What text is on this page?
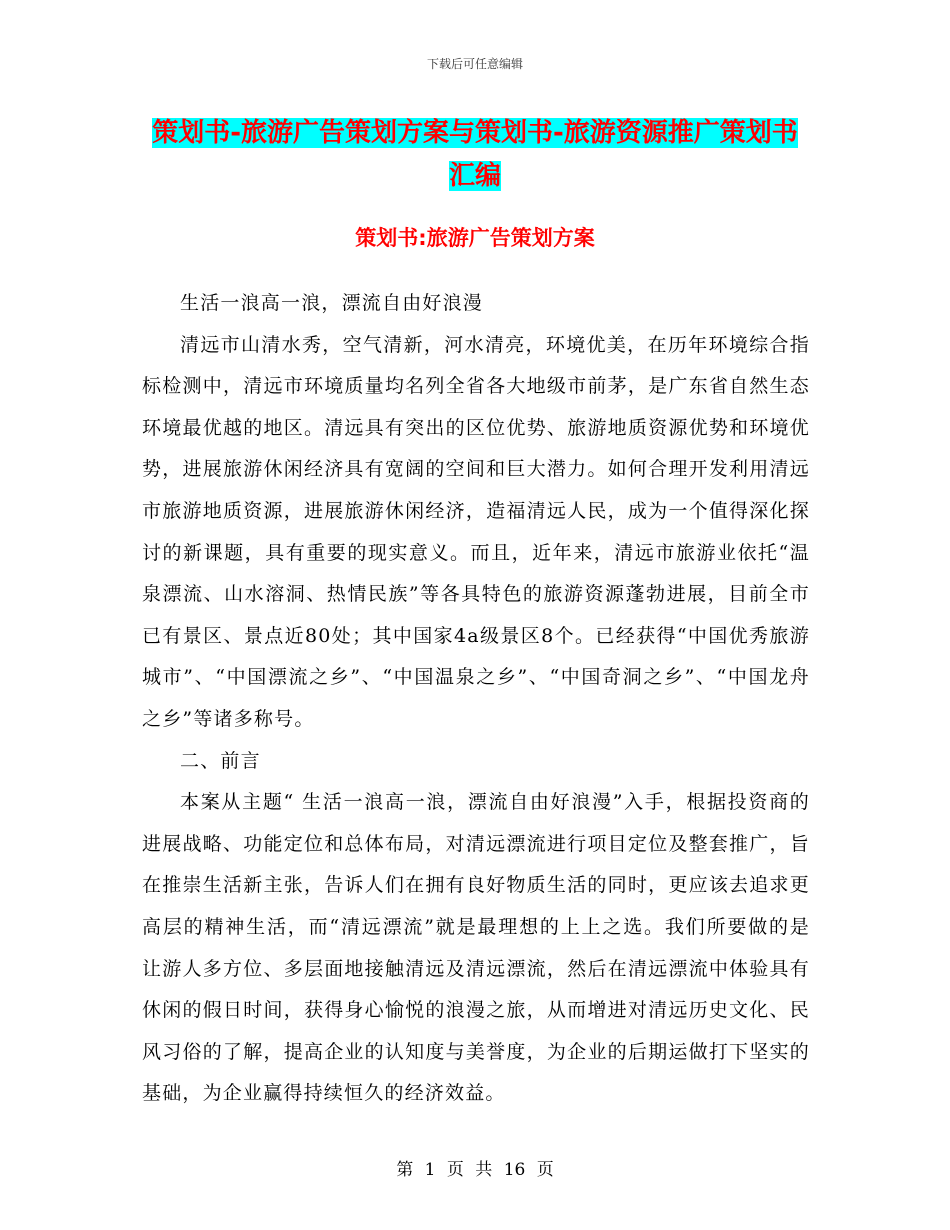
下载后可任意编辑
策划书-旅游广告策划方案与策划书-旅游资源推广策划书汇编
策划书:旅游广告策划方案

生活一浪高一浪，漂流自由好浪漫

清远市山清水秀，空气清新，河水清亮，环境优美，在历年环境综合指标检测中，清远市环境质量均名列全省各大地级市前茅，是广东省自然生态环境最优越的地区。清远具有突出的区位优势、旅游地质资源优势和环境优势，进展旅游休闲经济具有宽阔的空间和巨大潜力。如何合理开发利用清远市旅游地质资源，进展旅游休闲经济，造福清远人民，成为一个值得深化探讨的新课题，具有重要的现实意义。而且，近年来，清远市旅游业依托“温泉漂流、山水溶洞、热情民族”等各具特色的旅游资源蓬勃进展，目前全市已有景区、景点近80处；其中国家4a级景区8个。已经获得“中国优秀旅游城市”、“中国漂流之乡”、“中国温泉之乡”、“中国奇洞之乡”、“中国龙舟之乡”等诸多称号。

二、前言

本案从主题“ 生活一浪高一浪，漂流自由好浪漫”入手，根据投资商的进展战略、功能定位和总体布局，对清远漂流进行项目定位及整套推广，旨在推崇生活新主张，告诉人们在拥有良好物质生活的同时，更应该去追求更高层的精神生活，而“清远漂流”就是最理想的上上之选。我们所要做的是让游人多方位、多层面地接触清远及清远漂流，然后在清远漂流中体验具有休闲的假日时间，获得身心愉悦的浪漫之旅，从而增进对清远历史文化、民风习俗的了解，提高企业的认知度与美誉度，为企业的后期运做打下坚实的基础，为企业赢得持续恒久的经济效益。

第 1 页 共 16 页
